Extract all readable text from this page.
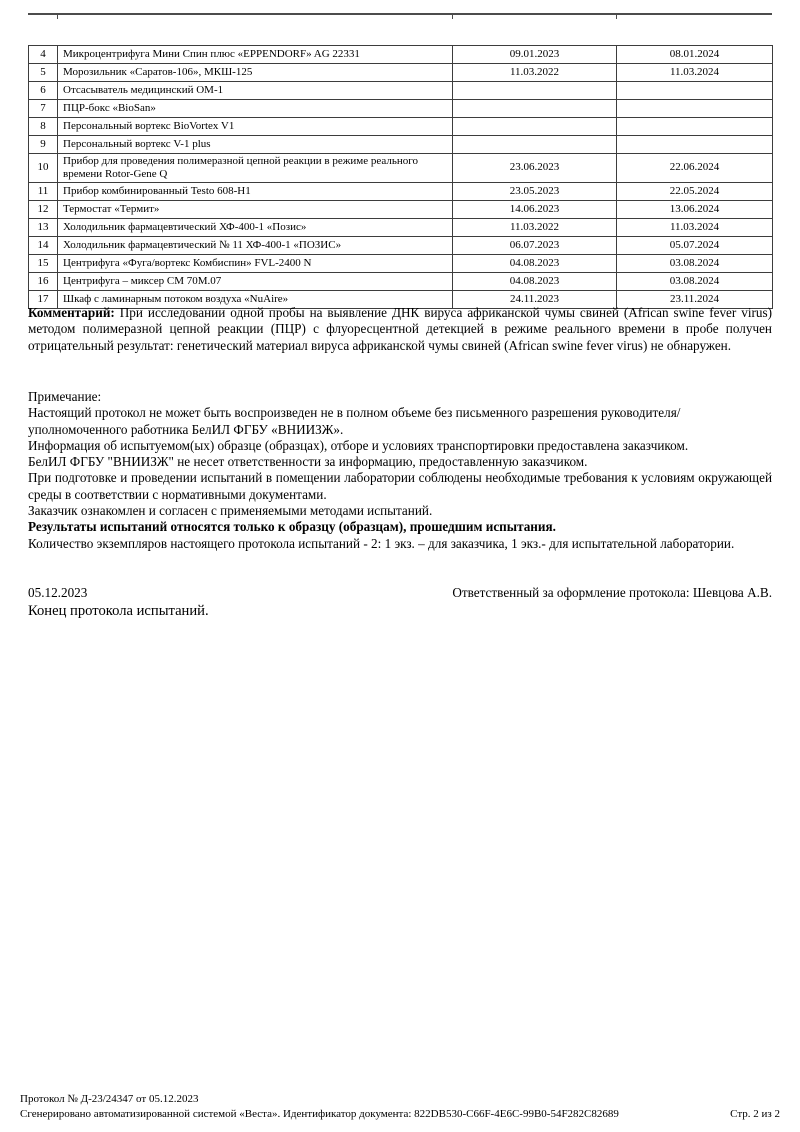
4	Микроцентрифуга Мини Спин плюс «EPPENDORF» AG 22331	09.01.2023	08.01.2024
5	Морозильник «Саратов-106», МКШ-125	11.03.2022	11.03.2024
6	Отсасыватель медицинский ОМ-1		
7	ПЦР-бокс «BioSan»		
8	Персональный вортекс BioVortex V1		
9	Персональный вортекс V-1 plus		
10	Прибор для проведения полимеразной цепной реакции в режиме реального времени Rotor-Gene Q	23.06.2023	22.06.2024
11	Прибор комбинированный Testo 608-H1	23.05.2023	22.05.2024
12	Термостат «Термит»	14.06.2023	13.06.2024
13	Холодильник фармацевтический ХФ-400-1 «Позис»	11.03.2022	11.03.2024
14	Холодильник фармацевтический № 11 ХФ-400-1 «ПОЗИС»	06.07.2023	05.07.2024
15	Центрифуга «Фуга/вортекс Комбиспин» FVL-2400 N	04.08.2023	03.08.2024
16	Центрифуга – миксер СМ 70М.07	04.08.2023	03.08.2024
17	Шкаф с ламинарным потоком воздуха «NuAire»	24.11.2023	23.11.2024

Комментарий: При исследовании одной пробы на выявление ДНК вируса африканской чумы свиней (African swine fever virus) методом полимеразной цепной реакции (ПЦР) с флуоресцентной детекцией в режиме реального времени в пробе получен отрицательный результат: генетический материал вируса африканской чумы свиней (African swine fever virus) не обнаружен.

Примечание:

Настоящий протокол не может быть воспроизведен не в полном объеме без письменного разрешения руководителя/уполномоченного работника БелИЛ ФГБУ «ВНИИЗЖ».

Информация об испытуемом(ых) образце (образцах), отборе и условиях транспортировки предоставлена заказчиком.

БелИЛ ФГБУ "ВНИИЗЖ" не несет ответственности за информацию, предоставленную заказчиком.

При подготовке и проведении испытаний в помещении лаборатории соблюдены необходимые требования к условиям окружающей среды в соответствии с нормативными документами.

Заказчик ознакомлен и согласен с применяемыми методами испытаний.

Результаты испытаний относятся только к образцу (образцам), прошедшим испытания.

Количество экземпляров настоящего протокола испытаний - 2: 1 экз. – для заказчика, 1 экз.- для испытательной лаборатории.

05.12.2023	Ответственный за оформление протокола: Шевцова А.В.
Конец протокола испытаний.
Протокол № Д-23/24347 от 05.12.2023
Сгенерировано автоматизированной системой «Веста». Идентификатор документа: 822DB530-C66F-4E6C-99B0-54F282C82689	Стр. 2 из 2
